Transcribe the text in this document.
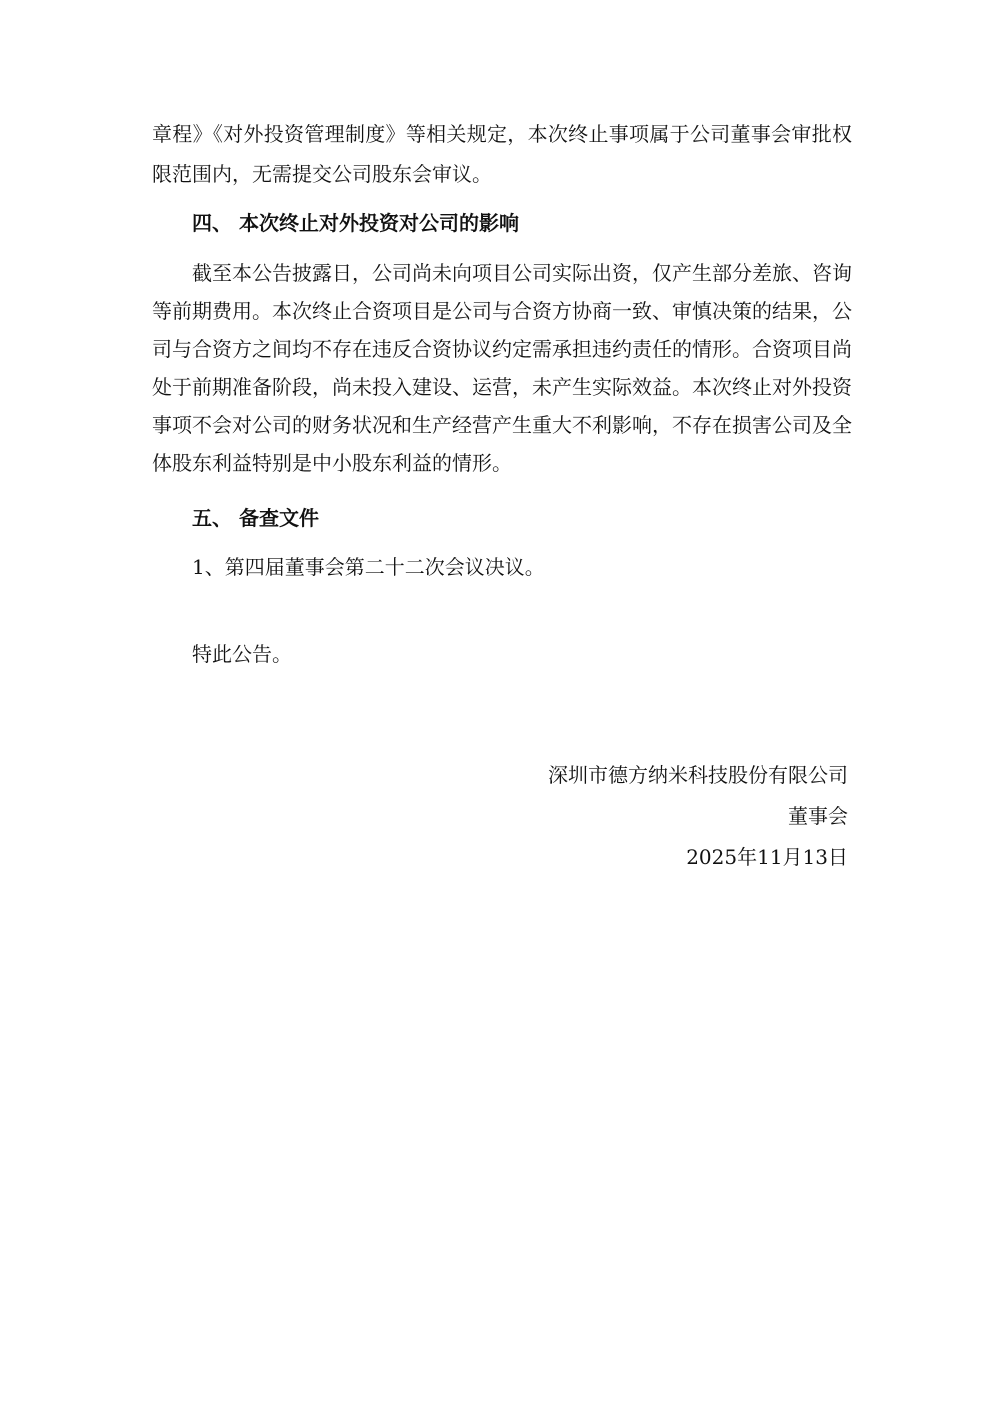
章程》《对外投资管理制度》等相关规定，本次终止事项属于公司董事会审批权
限范围内，无需提交公司股东会审议。
四、 本次终止对外投资对公司的影响
截至本公告披露日，公司尚未向项目公司实际出资，仅产生部分差旅、咨询
等前期费用。本次终止合资项目是公司与合资方协商一致、审慎决策的结果，公
司与合资方之间均不存在违反合资协议约定需承担违约责任的情形。合资项目尚
处于前期准备阶段，尚未投入建设、运营，未产生实际效益。本次终止对外投资
事项不会对公司的财务状况和生产经营产生重大不利影响，不存在损害公司及全
体股东利益特别是中小股东利益的情形。
五、 备查文件
1、第四届董事会第二十二次会议决议。
特此公告。
深圳市德方纳米科技股份有限公司
董事会
2025年11月13日
